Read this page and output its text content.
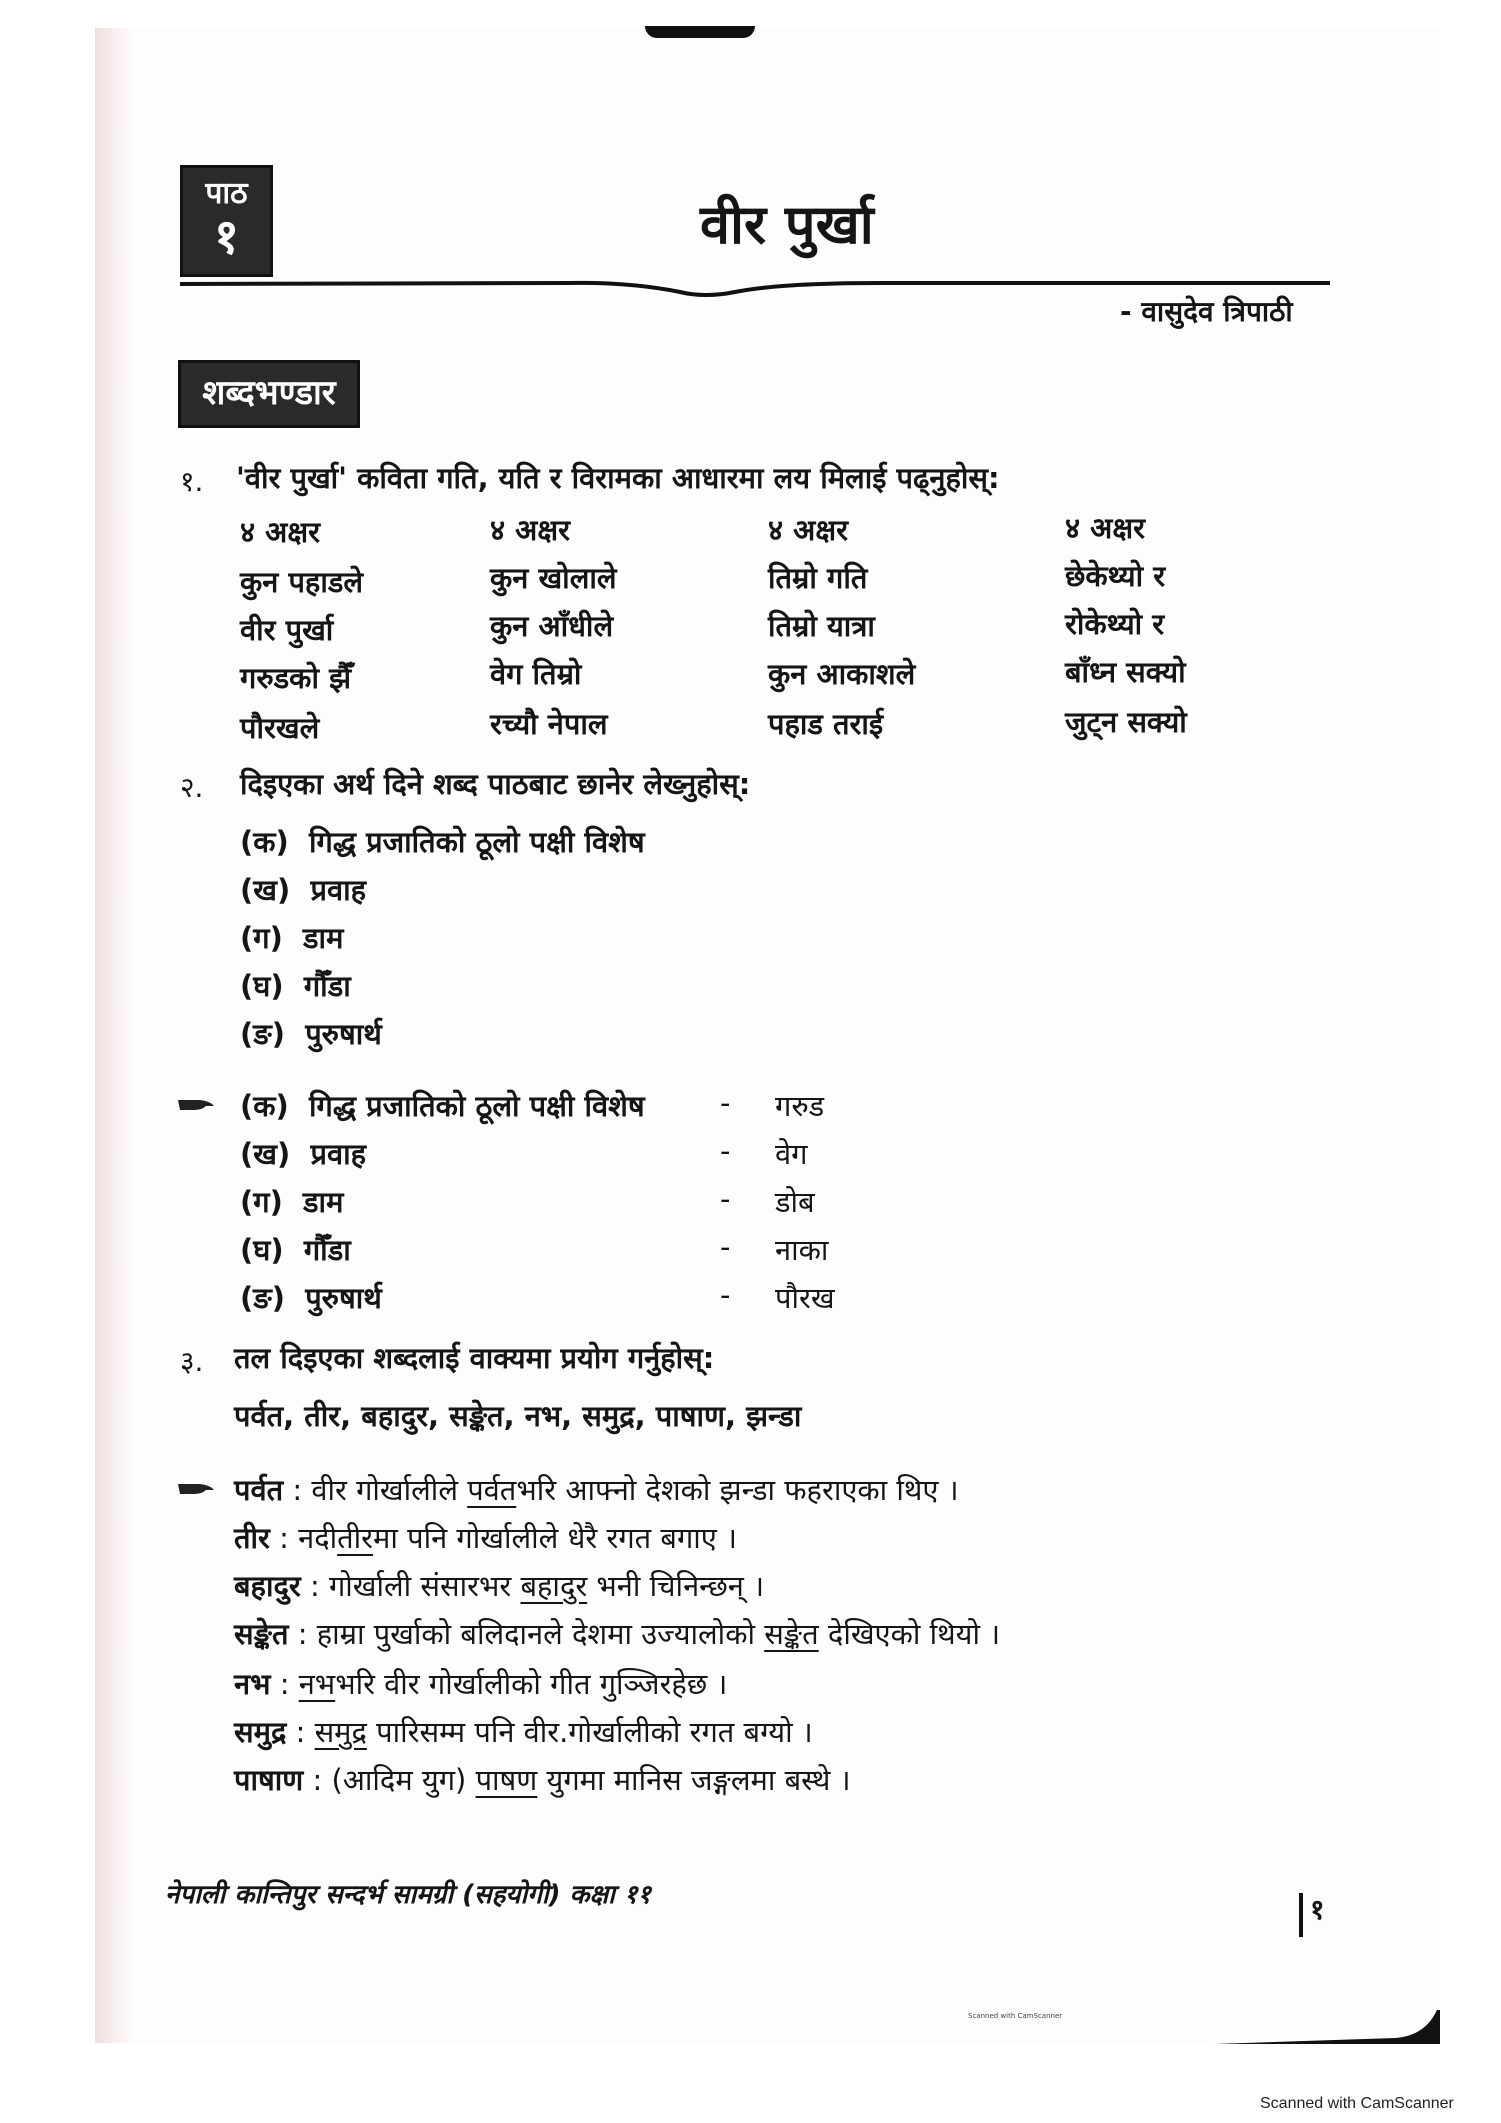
पाठ
१	वीर पुर्खा
- वासुदेव त्रिपाठी
शब्दभण्डार
१. 'वीर पुर्खा' कविता गति, यति र विरामका आधारमा लय मिलाई पढ्नुहोस्:
४ अक्षर	४ अक्षर	४ अक्षर	४ अक्षर
कुन पहाडले	कुन खोलाले	तिम्रो गति	छेकेथ्यो र
वीर पुर्खा	कुन आँधीले	तिम्रो यात्रा	रोकेथ्यो र
गरुडको झैँ	वेग तिम्रो	कुन आकाशले	बाँध्न सक्यो
पौरखले	रच्यौ नेपाल	पहाड तराई	जुट्न सक्यो
२. दिइएका अर्थ दिने शब्द पाठबाट छानेर लेख्नुहोस्:
(क) गिद्ध प्रजातिको ठूलो पक्षी विशेष
(ख) प्रवाह
(ग) डाम
(घ) गौँडा
(ङ) पुरुषार्थ
(क) गिद्ध प्रजातिको ठूलो पक्षी विशेष	- गरुड
(ख) प्रवाह	- वेग
(ग) डाम	- डोब
(घ) गौँडा	- नाका
(ङ) पुरुषार्थ	- पौरख
३. तल दिइएका शब्दलाई वाक्यमा प्रयोग गर्नुहोस्:
पर्वत, तीर, बहादुर, सङ्केत, नभ, समुद्र, पाषाण, झन्डा
पर्वत : वीर गोर्खालीले पर्वतभरि आफ्नो देशको झन्डा फहराएका थिए ।
तीर : नदीतीरमा पनि गोर्खालीले धेरै रगत बगाए ।
बहादुर : गोर्खाली संसारभर बहादुर भनी चिनिन्छन् ।
सङ्केत : हाम्रा पुर्खाको बलिदानले देशमा उज्यालोको सङ्केत देखिएको थियो ।
नभ : नभभरि वीर गोर्खालीको गीत गुञ्जिरहेछ ।
समुद्र : समुद्र पारिसम्म पनि वीर.गोर्खालीको रगत बग्यो ।
पाषाण : (आदिम युग) पाषण युगमा मानिस जङ्गलमा बस्थे ।
नेपाली कान्तिपुर सन्दर्भ सामग्री (सहयोगी) कक्षा ११	१
Scanned with CamScanner
Scanned with CamScanner
